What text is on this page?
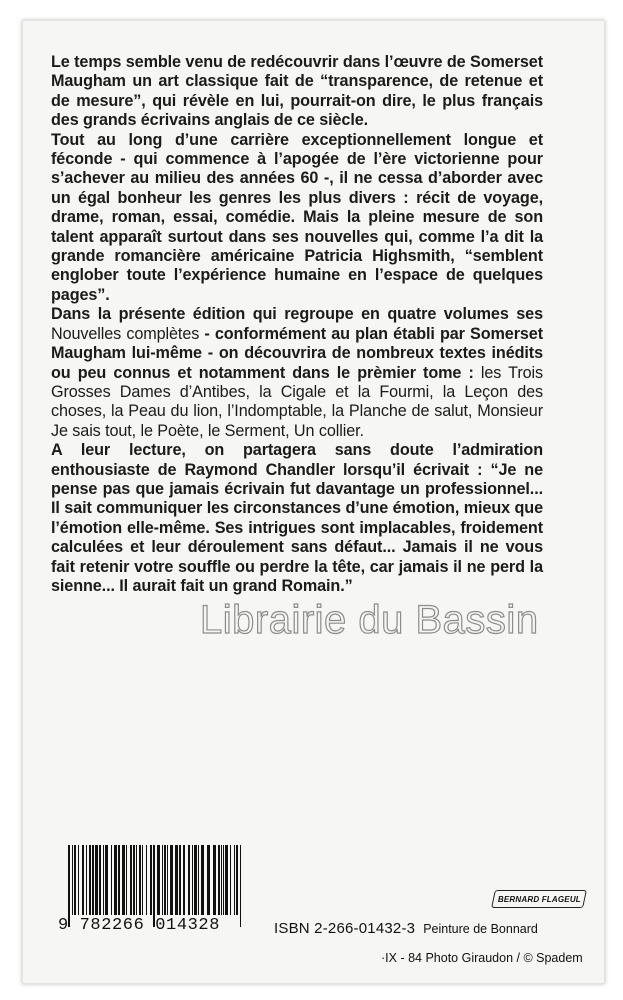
Le temps semble venu de redécouvrir dans l’œuvre de Somerset Maugham un art classique fait de “transparence, de retenue et de mesure”, qui révèle en lui, pourrait-on dire, le plus français des grands écrivains anglais de ce siècle.

Tout au long d’une carrière exceptionnellement longue et féconde - qui commence à l’apogée de l’ère victorienne pour s’achever au milieu des années 60 -, il ne cessa d’aborder avec un égal bonheur les genres les plus divers : récit de voyage, drame, roman, essai, comédie. Mais la pleine mesure de son talent apparaît surtout dans ses nouvelles qui, comme l’a dit la grande romancière américaine Patricia Highsmith, “semblent englober toute l’expérience humaine en l’espace de quelques pages”.

Dans la présente édition qui regroupe en quatre volumes ses Nouvelles complètes - conformément au plan établi par Somerset Maugham lui-même - on découvrira de nombreux textes inédits ou peu connus et notamment dans le prèmier tome : les Trois Grosses Dames d’Antibes, la Cigale et la Fourmi, la Leçon des choses, la Peau du lion, l’Indomptable, la Planche de salut, Monsieur Je sais tout, le Poète, le Serment, Un collier.

A leur lecture, on partagera sans doute l’admiration enthousiaste de Raymond Chandler lorsqu’il écrivait : “Je ne pense pas que jamais écrivain fut davantage un professionnel... Il sait communiquer les circonstances d’une émotion, mieux que l’émotion elle-même. Ses intrigues sont implacables, froidement calculées et leur déroulement sans défaut... Jamais il ne vous fait retenir votre souffle ou perdre la tête, car jamais il ne perd la sienne... Il aurait fait un grand Romain.”

Librairie du Bassin
9 782266 014328
BERNARD FLAGEUL
ISBN 2-266-01432-3 Peinture de Bonnard
·IX - 84 Photo Giraudon / © Spadem
